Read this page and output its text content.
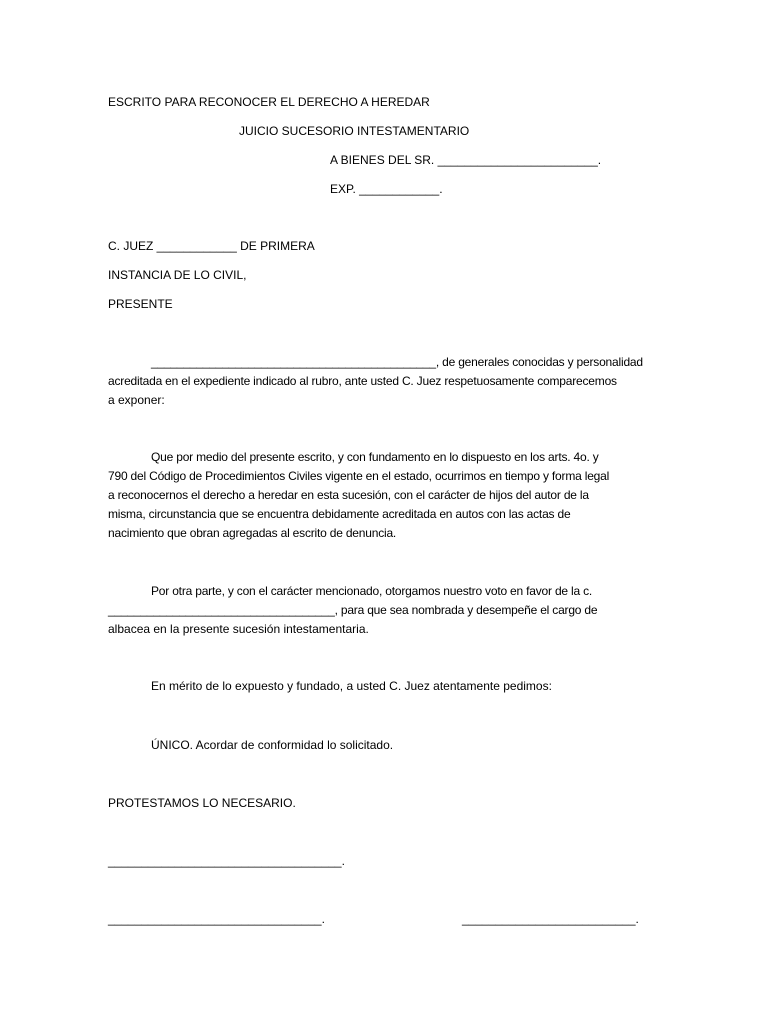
ESCRITO PARA RECONOCER EL DERECHO A HEREDAR
JUICIO SUCESORIO INTESTAMENTARIO
A BIENES DEL SR. ________________________.
EXP. ____________.
C. JUEZ ____________ DE PRIMERA
INSTANCIA DE LO CIVIL,
PRESENTE
____________________________________________, de generales conocidas y personalidad
acreditada en el expediente indicado al rubro, ante usted C. Juez respetuosamente comparecemos
a exponer:
Que por medio del presente escrito, y con fundamento en lo dispuesto en los arts. 4o. y
790 del Código de Procedimientos Civiles vigente en el estado, ocurrimos en tiempo y forma legal
a reconocernos el derecho a heredar en esta sucesión, con el carácter de hijos del autor de la
misma, circunstancia que se encuentra debidamente acreditada en autos con las actas de
nacimiento que obran agregadas al escrito de denuncia.
Por otra parte, y con el carácter mencionado, otorgamos nuestro voto en favor de la c.
___________________________________, para que sea nombrada y desempeñe el cargo de
albacea en la presente sucesión intestamentaria.
En mérito de lo expuesto y fundado, a usted C. Juez atentamente pedimos:
ÚNICO. Acordar de conformidad lo solicitado.
PROTESTAMOS LO NECESARIO.
___________________________________.
________________________________.	__________________________.
